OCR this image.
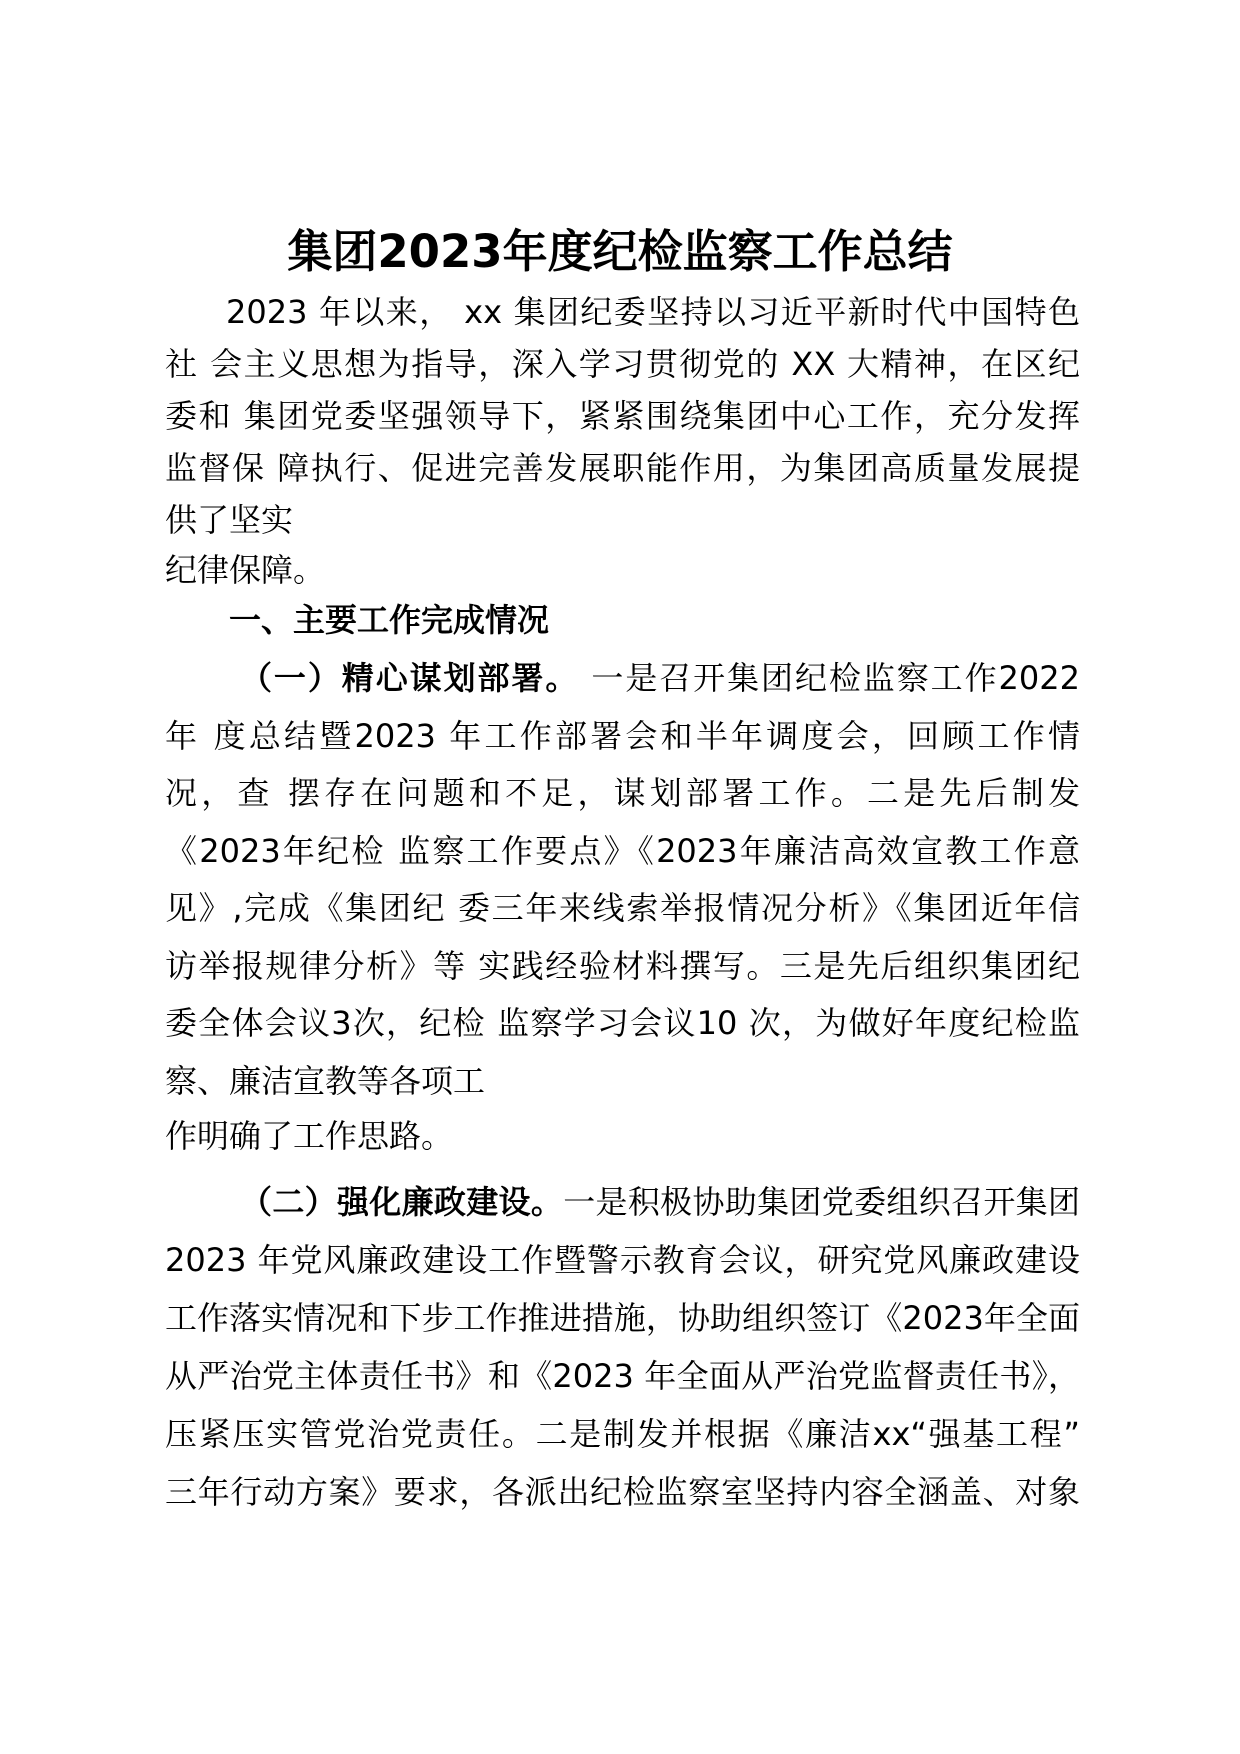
集团2023年度纪检监察工作总结
2023 年以来， xx 集团纪委坚持以习近平新时代中国特色
社 会主义思想为指导，深入学习贯彻党的 XX 大精神，在区纪
委和 集团党委坚强领导下，紧紧围绕集团中心工作，充分发挥
监督保 障执行、促进完善发展职能作用，为集团高质量发展提
供了坚实
纪律保障。
一、主要工作完成情况
（一）精心谋划部署。 一是召开集团纪检监察工作2022
年 度总结暨2023 年工作部署会和半年调度会，回顾工作情
况，查 摆存在问题和不足，谋划部署工作。二是先后制发
《2023年纪检 监察工作要点》《2023年廉洁高效宣教工作意
见》,完成《集团纪 委三年来线索举报情况分析》《集团近年信
访举报规律分析》等 实践经验材料撰写。三是先后组织集团纪
委全体会议3次，纪检 监察学习会议10 次，为做好年度纪检监
察、廉洁宣教等各项工
作明确了工作思路。
（二）强化廉政建设。一是积极协助集团党委组织召开集团
2023 年党风廉政建设工作暨警示教育会议，研究党风廉政建设
工作落实情况和下步工作推进措施，协助组织签订《2023年全面
从严治党主体责任书》和《2023 年全面从严治党监督责任书》，
压紧压实管党治党责任。二是制发并根据《廉洁xx“强基工程”
三年行动方案》要求，各派出纪检监察室坚持内容全涵盖、对象
